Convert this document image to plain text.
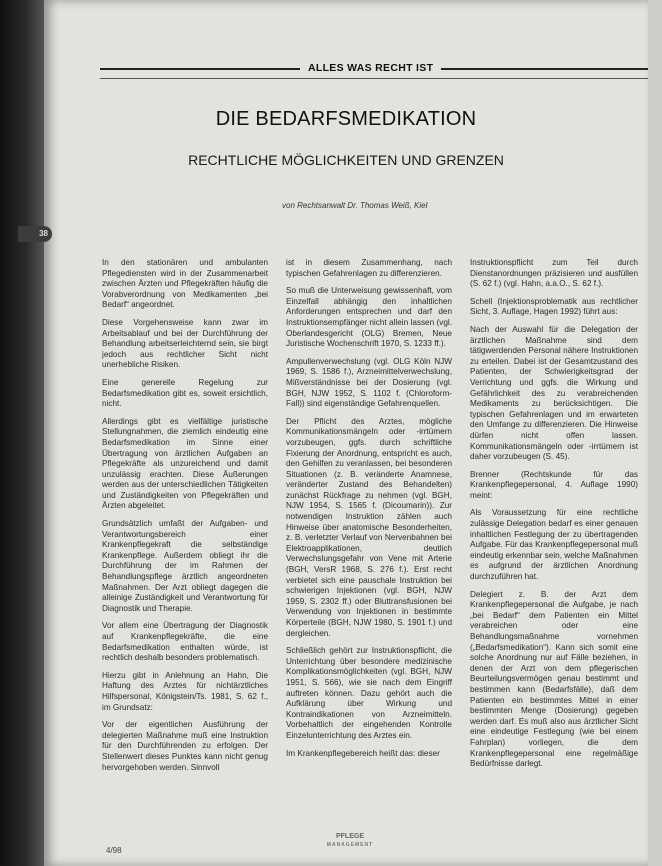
ALLES WAS RECHT IST
DIE BEDARFSMEDIKATION
RECHTLICHE MÖGLICHKEITEN UND GRENZEN
von Rechtsanwalt Dr. Thomas Weiß, Kiel

In den stationären und ambulanten Pflegediensten wird in der Zusammenarbeit zwischen Ärzten und Pflegekräften häufig die Vorabverordnung von Medikamenten „bei Bedarf“ angeordnet.

Diese Vorgehensweise kann zwar im Arbeitsablauf und bei der Durchführung der Behandlung arbeitserleichternd sein, sie birgt jedoch aus rechtlicher Sicht nicht unerhebliche Risiken.

Eine generelle Regelung zur Bedarfsmedikation gibt es, soweit ersichtlich, nicht.

Allerdings gibt es vielfältige juristische Stellungnahmen, die ziemlich eindeutig eine Bedarfsmedikation im Sinne einer Übertragung von ärztlichen Aufgaben an Pflegekräfte als unzureichend und damit unzulässig erachten. Diese Äußerungen werden aus der unterschiedlichen Tätigkeiten und Zuständigkeiten von Pflegekräften und Ärzten abgeleitet.

Grundsätzlich umfaßt der Aufgaben- und Verantwortungsbereich einer Krankenpflegekraft die selbständige Krankenpflege. Außerdem obliegt ihr die Durchführung der im Rahmen der Behandlungspflege ärztlich angeordneten Maßnahmen. Der Arzt obliegt dagegen die alleinige Zuständigkeit und Verantwortung für Diagnostik und Therapie.

Vor allem eine Übertragung der Diagnostik auf Krankenpflegekräfte, die eine Bedarfsmedikation enthalten würde, ist rechtlich deshalb besonders problematisch.

Hierzu gibt in Anlehnung an Hahn, Die Haftung des Arztes für nichtärztliches Hilfspersonal, Königstein/Ts. 1981, S. 62 f., im Grundsatz:

Vor der eigentlichen Ausführung der delegierten Maßnahme muß eine Instruktion für den Durchführenden zu erfolgen. Der Stellenwert dieses Punktes kann nicht genug hervorgehoben werden. Sinnvoll

ist in diesem Zusammenhang, nach typischen Gefahrenlagen zu differenzieren.

So muß die Unterweisung gewissenhaft, vom Einzelfall abhängig den inhaltlichen Anforderungen entsprechen und darf den Instruktionsempfänger nicht allein lassen (vgl. Oberlandesgericht (OLG) Bremen, Neue Juristische Wochenschrift 1970, S. 1233 ff.).

Ampullenverwechslung (vgl. OLG Köln NJW 1969, S. 1586 f.), Arzneimittelverwechslung, Mißverständnisse bei der Dosierung (vgl. BGH, NJW 1952, S. 1102 f. (Chloroform-Fall)) sind eigenständige Gefahrenquellen.

Der Pflicht des Arztes, mögliche Kommunikationsmängeln oder -irrtümern vorzubeugen, ggfs. durch schriftliche Fixierung der Anordnung, entspricht es auch, den Gehilfen zu veranlassen, bei besonderen Situationen (z. B. veränderte Anamnese, veränderter Zustand des Behandelten) zunächst Rückfrage zu nehmen (vgl. BGH, NJW 1954, S. 1565 f. (Dicoumarin)). Zur notwendigen Instruktion zählen auch Hinweise über anatomische Besonderheiten, z. B. verletzter Verlauf von Nervenbahnen bei Elektroapplikationen, deutlich Verwechslungsgefahr von Vene mit Arterie (BGH, VersR 1968, S. 276 f.). Erst recht verbietet sich eine pauschale Instruktion bei schwierigen Injektionen (vgl. BGH, NJW 1959, S. 2302 ff.) oder Bluttransfusionen bei Verwendung von Injektionen in bestimmte Körperteile (BGH, NJW 1980, S. 1901 f.) und dergleichen.

Schließlich gehört zur Instruktionspflicht, die Unterrichtung über besondere medizinische Komplikationsmöglichkeiten (vgl. BGH, NJW 1951, S. 566), wie sie nach dem Eingriff auftreten können. Dazu gehört auch die Aufklärung über Wirkung und Kontraindikationen von Arzneimitteln. Vorbehaltlich der eingehenden Kontrolle Einzelunterrichtung des Arztes ein.

Im Krankenpflegebereich heißt das: dieser

Instruktionspflicht zum Teil durch Dienstanordnungen präzisieren und ausfüllen (S. 62 f.) (vgl. Hahn, a.a.O., S. 62 f.).

Schell (Injektionsproblematik aus rechtlicher Sicht, 3. Auflage, Hagen 1992) führt aus:

Nach der Auswahl für die Delegation der ärztlichen Maßnahme sind dem tätigwerdenden Personal nähere Instruktionen zu erteilen. Dabei ist der Gesamtzustand des Patienten, der Schwierigkeitsgrad der Verrichtung und ggfs. die Wirkung und Gefährlichkeit des zu verabreichenden Medikaments zu berücksichtigen. Die typischen Gefahrenlagen und im erwarteten den Umfange zu differenzieren. Die Hinweise dürfen nicht offen lassen. Kommunikationsmängeln oder -irrtümern ist daher vorzubeugen (S. 45).

Brenner (Rechtskunde für das Krankenpflegepersonal, 4. Auflage 1990) meint:

Als Voraussetzung für eine rechtliche zulässige Delegation bedarf es einer genauen inhaltlichen Festlegung der zu übertragenden Aufgabe. Für das Krankenpflegepersonal muß eindeutig erkennbar sein, welche Maßnahmen es aufgrund der ärztlichen Anordnung durchzuführen hat.

Delegiert z. B. der Arzt dem Krankenpflegepersonal die Aufgabe, je nach „bei Bedarf“ dem Patienten ein Mittel verabreichen oder eine Behandlungsmaßnahme vornehmen („Bedarfsmedikation“). Kann sich somit eine solche Anordnung nur auf Fälle beziehen, in denen der Arzt von dem pflegerischen Beurteilungsvermögen genau bestimmt und bestimmen kann (Bedarfsfälle), daß dem Patienten ein bestimmtes Mittel in einer bestimmten Menge (Dosierung) gegeben werden darf. Es muß also aus ärztlicher Sicht eine eindeutige Festlegung (wie bei einem Fahrplan) vorliegen, die dem Krankenpflegepersonal eine regelmäßige Bedürfnisse darlegt.

4/98
PFLEGE
MANAGEMENT
38
